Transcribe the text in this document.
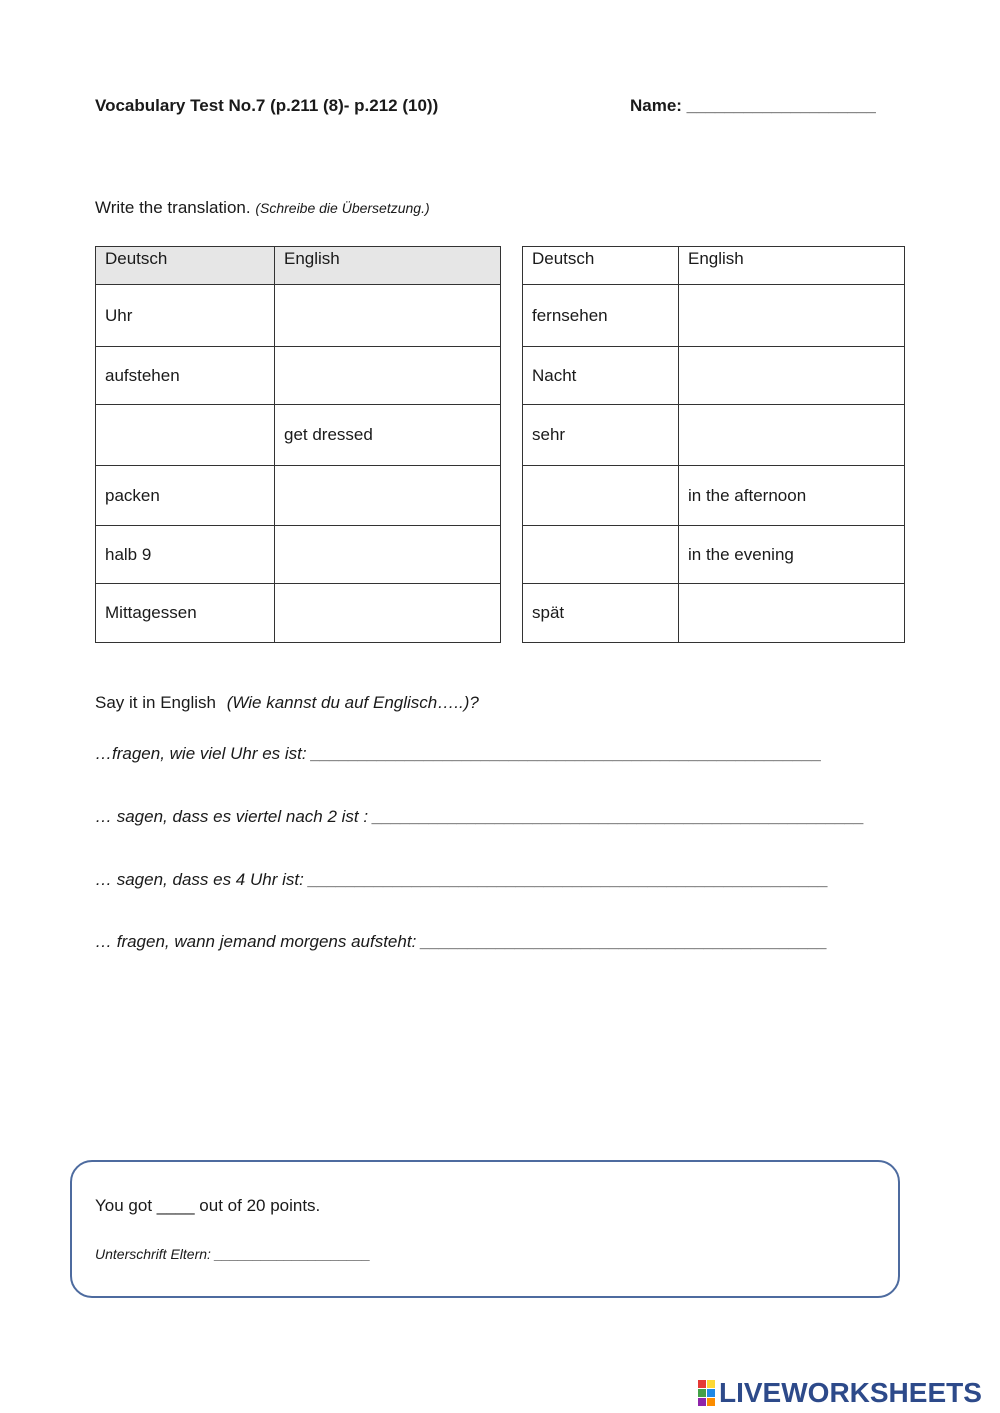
Vocabulary Test No.7 (p.211 (8)- p.212 (10))	Name: ____________________
Write the translation. (Schreibe die Übersetzung.)
Deutsch	English
Uhr	
aufstehen	
	get dressed
packen	
halb 9	
Mittagessen	
Deutsch	English
fernsehen	
Nacht	
sehr	
	in the afternoon
	in the evening
spät	
Say it in English (Wie kannst du auf Englisch…..)?
…fragen, wie viel Uhr es ist: ______________________________________________________
… sagen, dass es viertel nach 2 ist : ____________________________________________________
… sagen, dass es 4 Uhr ist: _______________________________________________________
… fragen, wann jemand morgens aufsteht: ___________________________________________
You got ____ out of 20 points.
Unterschrift Eltern: ____________________
LIVEWORKSHEETS
